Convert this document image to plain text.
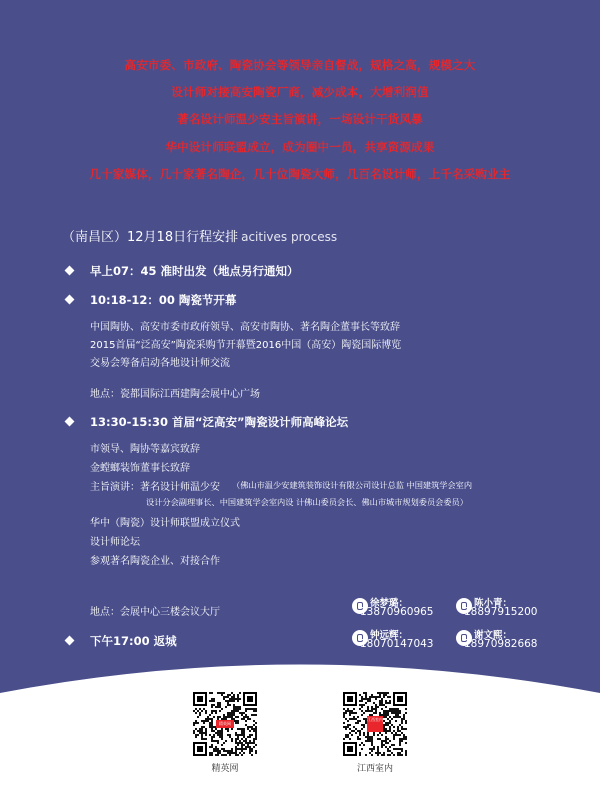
高安市委、市政府、陶瓷协会等领导亲自督战，规格之高，规模之大
设计师对接高安陶瓷厂商，减少成本，大增利润值
著名设计师温少安主旨演讲，一场设计干货风暴
华中设计师联盟成立，成为圈中一员，共享资源成果
几十家媒体，几十家著名陶企，几十位陶瓷大师，几百名设计师，上千名采购业主
（南昌区）12月18日行程安排 acitives process
早上07：45 准时出发（地点另行通知）
10:18-12：00 陶瓷节开幕
中国陶协、高安市委市政府领导、高安市陶协、著名陶企董事长等致辞
2015首届“泛高安”陶瓷采购节开幕暨2016中国（高安）陶瓷国际博览
交易会筹备启动各地设计师交流
地点：瓷都国际江西建陶会展中心广场
13:30-15:30 首届“泛高安”陶瓷设计师高峰论坛
市领导、陶协等嘉宾致辞
金螳螂装饰董事长致辞
主旨演讲：著名设计师温少安 （佛山市温少安建筑装饰设计有限公司设计总监 中国建筑学会室内
设计分会副理事长、中国建筑学会室内设 计佛山委员会长、佛山市城市规划委员会委员）
华中（陶瓷）设计师联盟成立仪式
设计师论坛
参观著名陶瓷企业、对接合作
地点：会展中心三楼会议大厅
下午17:00 返城
徐梦璐：
13870960965
陈小青：
18897915200
钟远辉：
18070147043
谢文熙：
18970982668
精英网
精英网
江西室内
江西室内
